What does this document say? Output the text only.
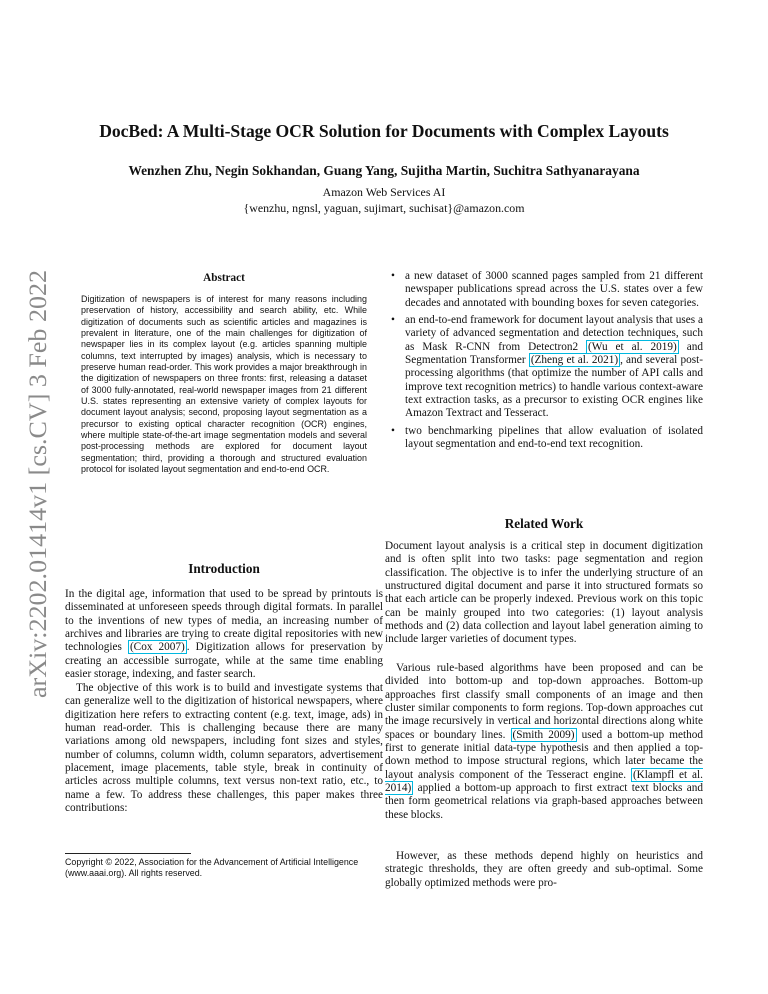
arXiv:2202.01414v1 [cs.CV] 3 Feb 2022
DocBed: A Multi-Stage OCR Solution for Documents with Complex Layouts
Wenzhen Zhu, Negin Sokhandan, Guang Yang, Sujitha Martin, Suchitra Sathyanarayana
Amazon Web Services AI
{wenzhu, ngnsl, yaguan, sujimart, suchisat}@amazon.com
Abstract
Digitization of newspapers is of interest for many reasons including preservation of history, accessibility and search ability, etc. While digitization of documents such as scientific articles and magazines is prevalent in literature, one of the main challenges for digitization of newspaper lies in its complex layout (e.g. articles spanning multiple columns, text interrupted by images) analysis, which is necessary to preserve human read-order. This work provides a major breakthrough in the digitization of newspapers on three fronts: first, releasing a dataset of 3000 fully-annotated, real-world newspaper images from 21 different U.S. states representing an extensive variety of complex layouts for document layout analysis; second, proposing layout segmentation as a precursor to existing optical character recognition (OCR) engines, where multiple state-of-the-art image segmentation models and several post-processing methods are explored for document layout segmentation; third, providing a thorough and structured evaluation protocol for isolated layout segmentation and end-to-end OCR.
Introduction
In the digital age, information that used to be spread by printouts is disseminated at unforeseen speeds through digital formats. In parallel to the inventions of new types of media, an increasing number of archives and libraries are trying to create digital repositories with new technologies (Cox 2007) . Digitization allows for preservation by creating an accessible surrogate, while at the same time enabling easier storage, indexing, and faster search.
The objective of this work is to build and investigate systems that can generalize well to the digitization of historical newspapers, where digitization here refers to extracting content (e.g. text, image, ads) in human read-order. This is challenging because there are many variations among old newspapers, including font sizes and styles, number of columns, column width, column separators, advertisement placement, image placements, table style, break in continuity of articles across multiple columns, text versus non-text ratio, etc., to name a few. To address these challenges, this paper makes three contributions:
Copyright © 2022, Association for the Advancement of Artificial Intelligence (www.aaai.org). All rights reserved.
• a new dataset of 3000 scanned pages sampled from 21 different newspaper publications spread across the U.S. states over a few decades and annotated with bounding boxes for seven categories.
• an end-to-end framework for document layout analysis that uses a variety of advanced segmentation and detection techniques, such as Mask R-CNN from Detectron2 (Wu et al. 2019) and Segmentation Transformer (Zheng et al. 2021) , and several post-processing algorithms (that optimize the number of API calls and improve text recognition metrics) to handle various context-aware text extraction tasks, as a precursor to existing OCR engines like Amazon Textract and Tesseract.
• two benchmarking pipelines that allow evaluation of isolated layout segmentation and end-to-end text recognition.
Related Work
Document layout analysis is a critical step in document digitization and is often split into two tasks: page segmentation and region classification. The objective is to infer the underlying structure of an unstructured digital document and parse it into structured formats so that each article can be properly indexed. Previous work on this topic can be mainly grouped into two categories: (1) layout analysis methods and (2) data collection and layout label generation aiming to include larger varieties of document types.
Various rule-based algorithms have been proposed and can be divided into bottom-up and top-down approaches. Bottom-up approaches first classify small components of an image and then cluster similar components to form regions. Top-down approaches cut the image recursively in vertical and horizontal directions along white spaces or boundary lines. (Smith 2009) used a bottom-up method first to generate initial data-type hypothesis and then applied a top-down method to impose structural regions, which later became the layout analysis component of the Tesseract engine. (Klampfl et al. 2014) applied a bottom-up approach to first extract text blocks and then form geometrical relations via graph-based approaches between these blocks.
However, as these methods depend highly on heuristics and strategic thresholds, they are often greedy and sub-optimal. Some globally optimized methods were pro-
